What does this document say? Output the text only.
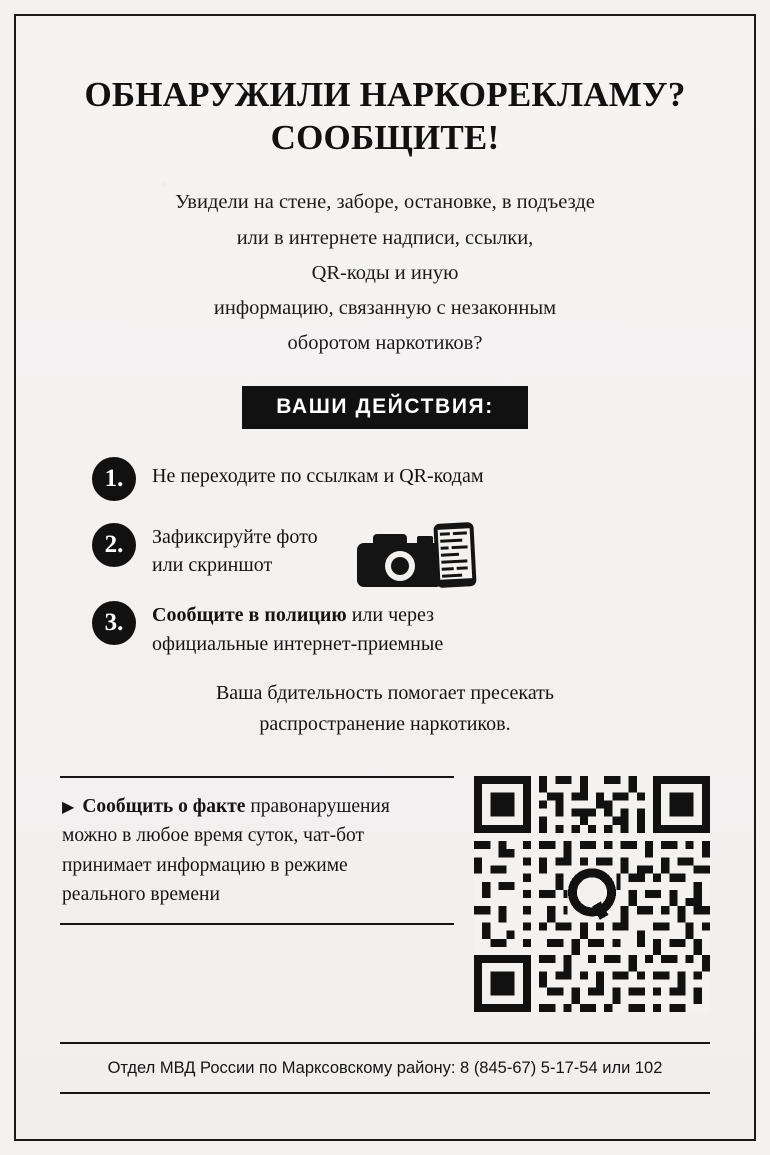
ОБНАРУЖИЛИ НАРКОРЕКЛАМУ?
СООБЩИТЕ!
Увидели на стене, заборе, остановке, в подъезде
или в интернете надписи, ссылки,
QR-коды и иную
информацию, связанную с незаконным
оборотом наркотиков?
ВАШИ ДЕЙСТВИЯ:
1.	Не переходите по ссылкам и QR-кодам
2.	Зафиксируйте фото
или скриншот
3.	Сообщите в полицию или через
официальные интернет-приемные
Ваша бдительность помогает пресекать
распространение наркотиков.
▶ Сообщить о факте правонарушения
можно в любое время суток, чат-бот
принимает информацию в режиме
реального времени
Отдел МВД России по Марксовскому району: 8 (845-67) 5-17-54 или 102
